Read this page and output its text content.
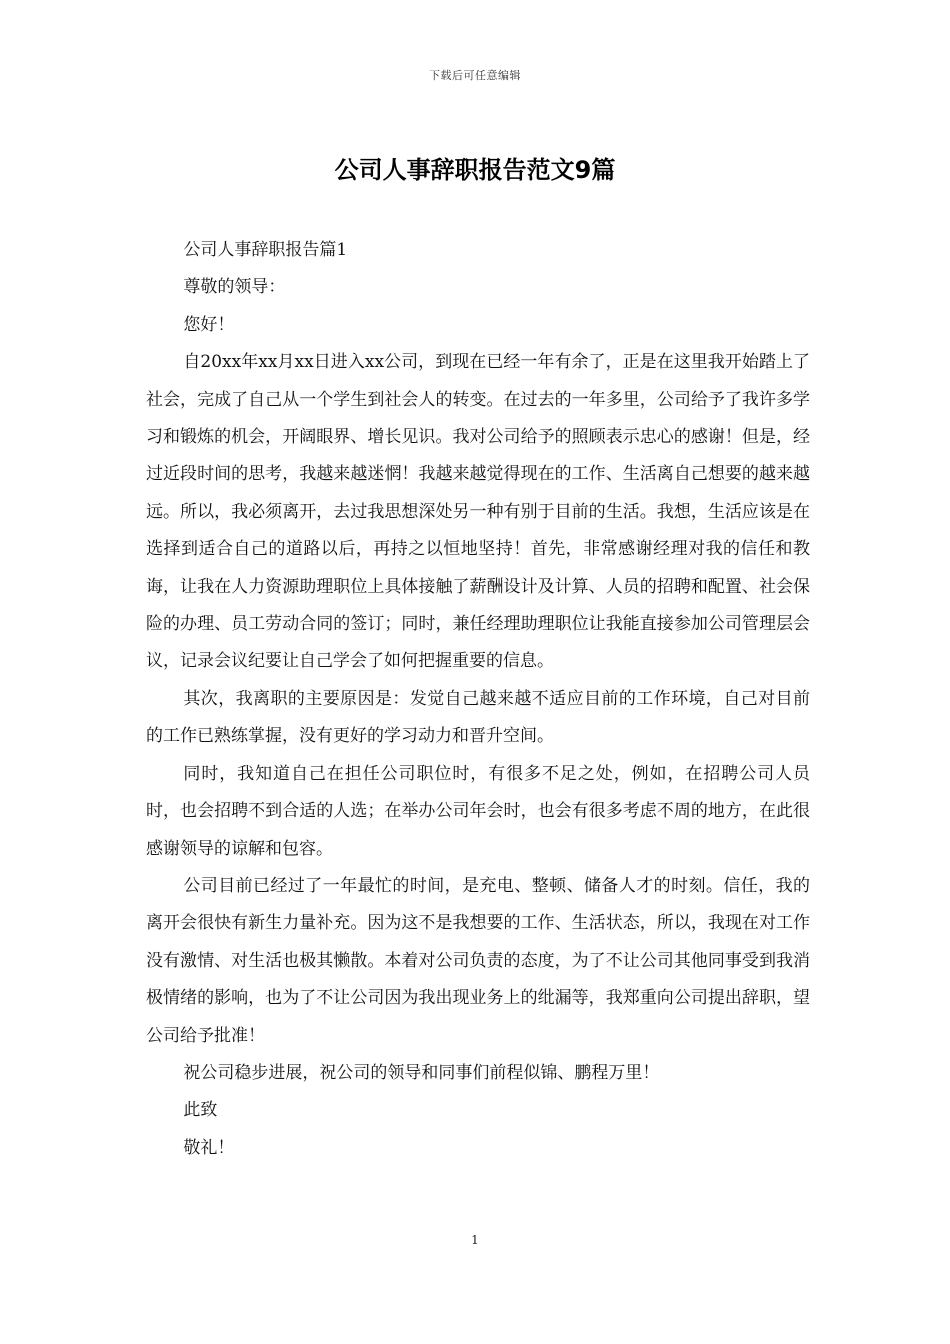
下载后可任意编辑
公司人事辞职报告范文9篇

公司人事辞职报告篇1

尊敬的领导：

您好！

自20xx年xx月xx日进入xx公司，到现在已经一年有余了，正是在这里我开始踏上了社会，完成了自己从一个学生到社会人的转变。在过去的一年多里，公司给予了我许多学习和锻炼的机会，开阔眼界、增长见识。我对公司给予的照顾表示忠心的感谢！但是，经过近段时间的思考，我越来越迷惘！我越来越觉得现在的工作、生活离自己想要的越来越远。所以，我必须离开，去过我思想深处另一种有别于目前的生活。我想，生活应该是在选择到适合自己的道路以后，再持之以恒地坚持！首先，非常感谢经理对我的信任和教诲，让我在人力资源助理职位上具体接触了薪酬设计及计算、人员的招聘和配置、社会保险的办理、员工劳动合同的签订；同时，兼任经理助理职位让我能直接参加公司管理层会议，记录会议纪要让自己学会了如何把握重要的信息。

其次，我离职的主要原因是：发觉自己越来越不适应目前的工作环境，自己对目前的工作已熟练掌握，没有更好的学习动力和晋升空间。

同时，我知道自己在担任公司职位时，有很多不足之处，例如，在招聘公司人员时，也会招聘不到合适的人选；在举办公司年会时，也会有很多考虑不周的地方，在此很感谢领导的谅解和包容。

公司目前已经过了一年最忙的时间，是充电、整顿、储备人才的时刻。信任，我的离开会很快有新生力量补充。因为这不是我想要的工作、生活状态，所以，我现在对工作没有激情、对生活也极其懒散。本着对公司负责的态度，为了不让公司其他同事受到我消极情绪的影响，也为了不让公司因为我出现业务上的纰漏等，我郑重向公司提出辞职，望公司给予批准！

祝公司稳步进展，祝公司的领导和同事们前程似锦、鹏程万里！

此致

敬礼！

1
